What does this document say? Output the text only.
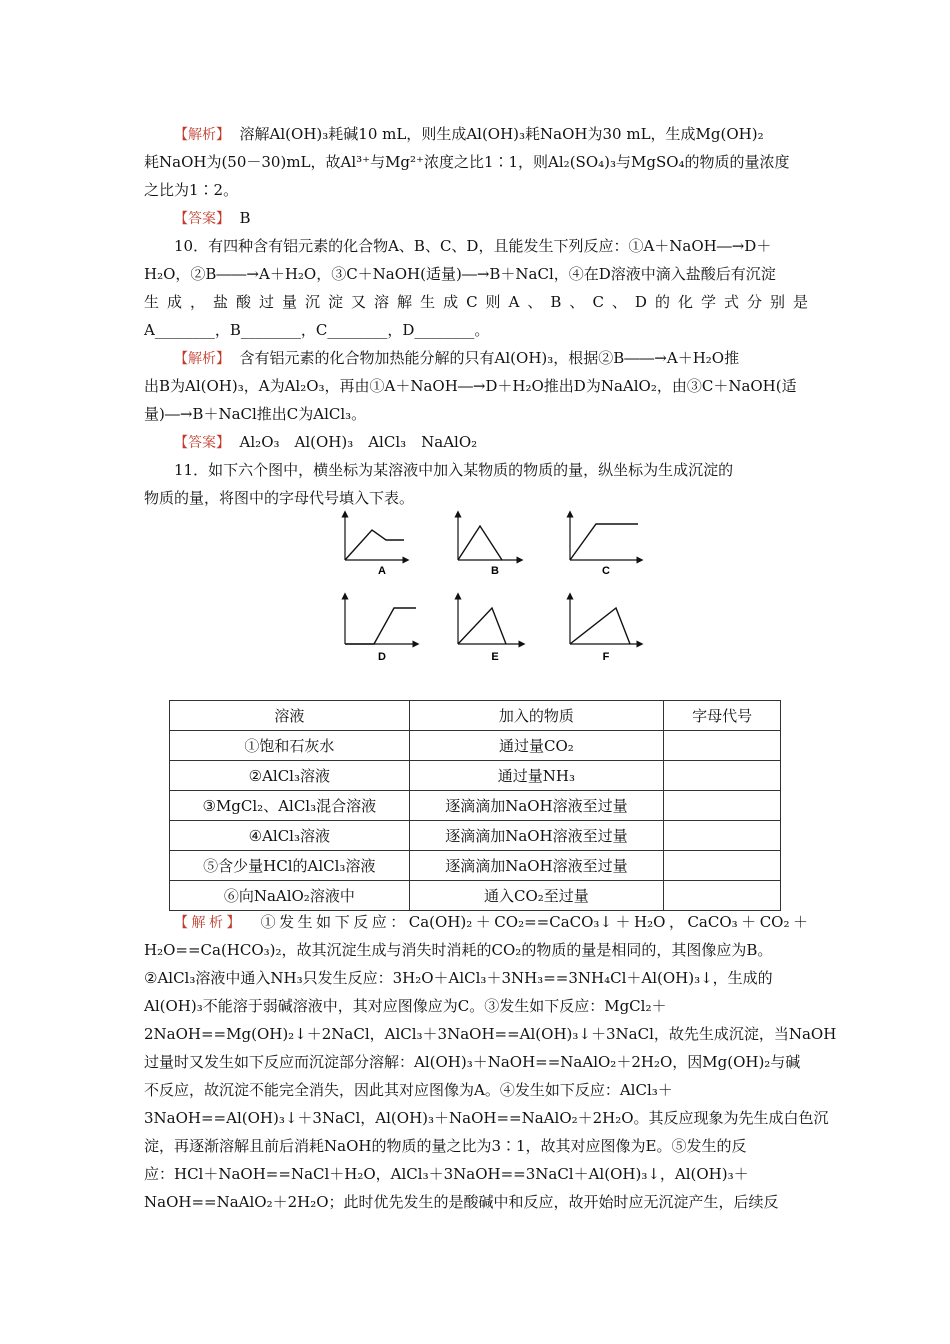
【解析】 溶解Al(OH)₃耗碱10 mL，则生成Al(OH)₃耗NaOH为30 mL，生成Mg(OH)₂
耗NaOH为(50－30)mL，故Al³⁺与Mg²⁺浓度之比1∶1，则Al₂(SO₄)₃与MgSO₄的物质的量浓度
之比为1∶2。
【答案】 B
10．有四种含有铝元素的化合物A、B、C、D，且能发生下列反应：①A＋NaOH―→D＋
H₂O，②B――→A＋H₂O，③C＋NaOH(适量)―→B＋NaCl，④在D溶液中滴入盐酸后有沉淀
生成，盐酸过量沉淀又溶解生成C则A、B、C、D的化学式分别是
A________，B________，C________，D________。
【解析】 含有铝元素的化合物加热能分解的只有Al(OH)₃，根据②B――→A＋H₂O推
出B为Al(OH)₃，A为Al₂O₃，再由①A＋NaOH―→D＋H₂O推出D为NaAlO₂，由③C＋NaOH(适
量)―→B＋NaCl推出C为AlCl₃。
【答案】 Al₂O₃　Al(OH)₃　AlCl₃　NaAlO₂
11．如下六个图中，横坐标为某溶液中加入某物质的物质的量，纵坐标为生成沉淀的
物质的量，将图中的字母代号填入下表。
A	B	C
D	E	F
溶液	加入的物质	字母代号
①饱和石灰水	通过量CO₂	
②AlCl₃溶液	通过量NH₃	
③MgCl₂、AlCl₃混合溶液	逐滴滴加NaOH溶液至过量	
④AlCl₃溶液	逐滴滴加NaOH溶液至过量	
⑤含少量HCl的AlCl₃溶液	逐滴滴加NaOH溶液至过量	
⑥向NaAlO₂溶液中	通入CO₂至过量	
【解析】 ①发生如下反应：Ca(OH)₂＋CO₂==CaCO₃↓＋H₂O，CaCO₃＋CO₂＋
H₂O==Ca(HCO₃)₂，故其沉淀生成与消失时消耗的CO₂的物质的量是相同的，其图像应为B。
②AlCl₃溶液中通入NH₃只发生反应：3H₂O＋AlCl₃＋3NH₃==3NH₄Cl＋Al(OH)₃↓，生成的
Al(OH)₃不能溶于弱碱溶液中，其对应图像应为C。③发生如下反应：MgCl₂＋
2NaOH==Mg(OH)₂↓＋2NaCl，AlCl₃＋3NaOH==Al(OH)₃↓＋3NaCl，故先生成沉淀，当NaOH
过量时又发生如下反应而沉淀部分溶解：Al(OH)₃＋NaOH==NaAlO₂＋2H₂O，因Mg(OH)₂与碱
不反应，故沉淀不能完全消失，因此其对应图像为A。④发生如下反应：AlCl₃＋
3NaOH==Al(OH)₃↓＋3NaCl，Al(OH)₃＋NaOH==NaAlO₂＋2H₂O。其反应现象为先生成白色沉
淀，再逐渐溶解且前后消耗NaOH的物质的量之比为3∶1，故其对应图像为E。⑤发生的反
应：HCl＋NaOH==NaCl＋H₂O，AlCl₃＋3NaOH==3NaCl＋Al(OH)₃↓，Al(OH)₃＋
NaOH==NaAlO₂＋2H₂O；此时优先发生的是酸碱中和反应，故开始时应无沉淀产生，后续反
